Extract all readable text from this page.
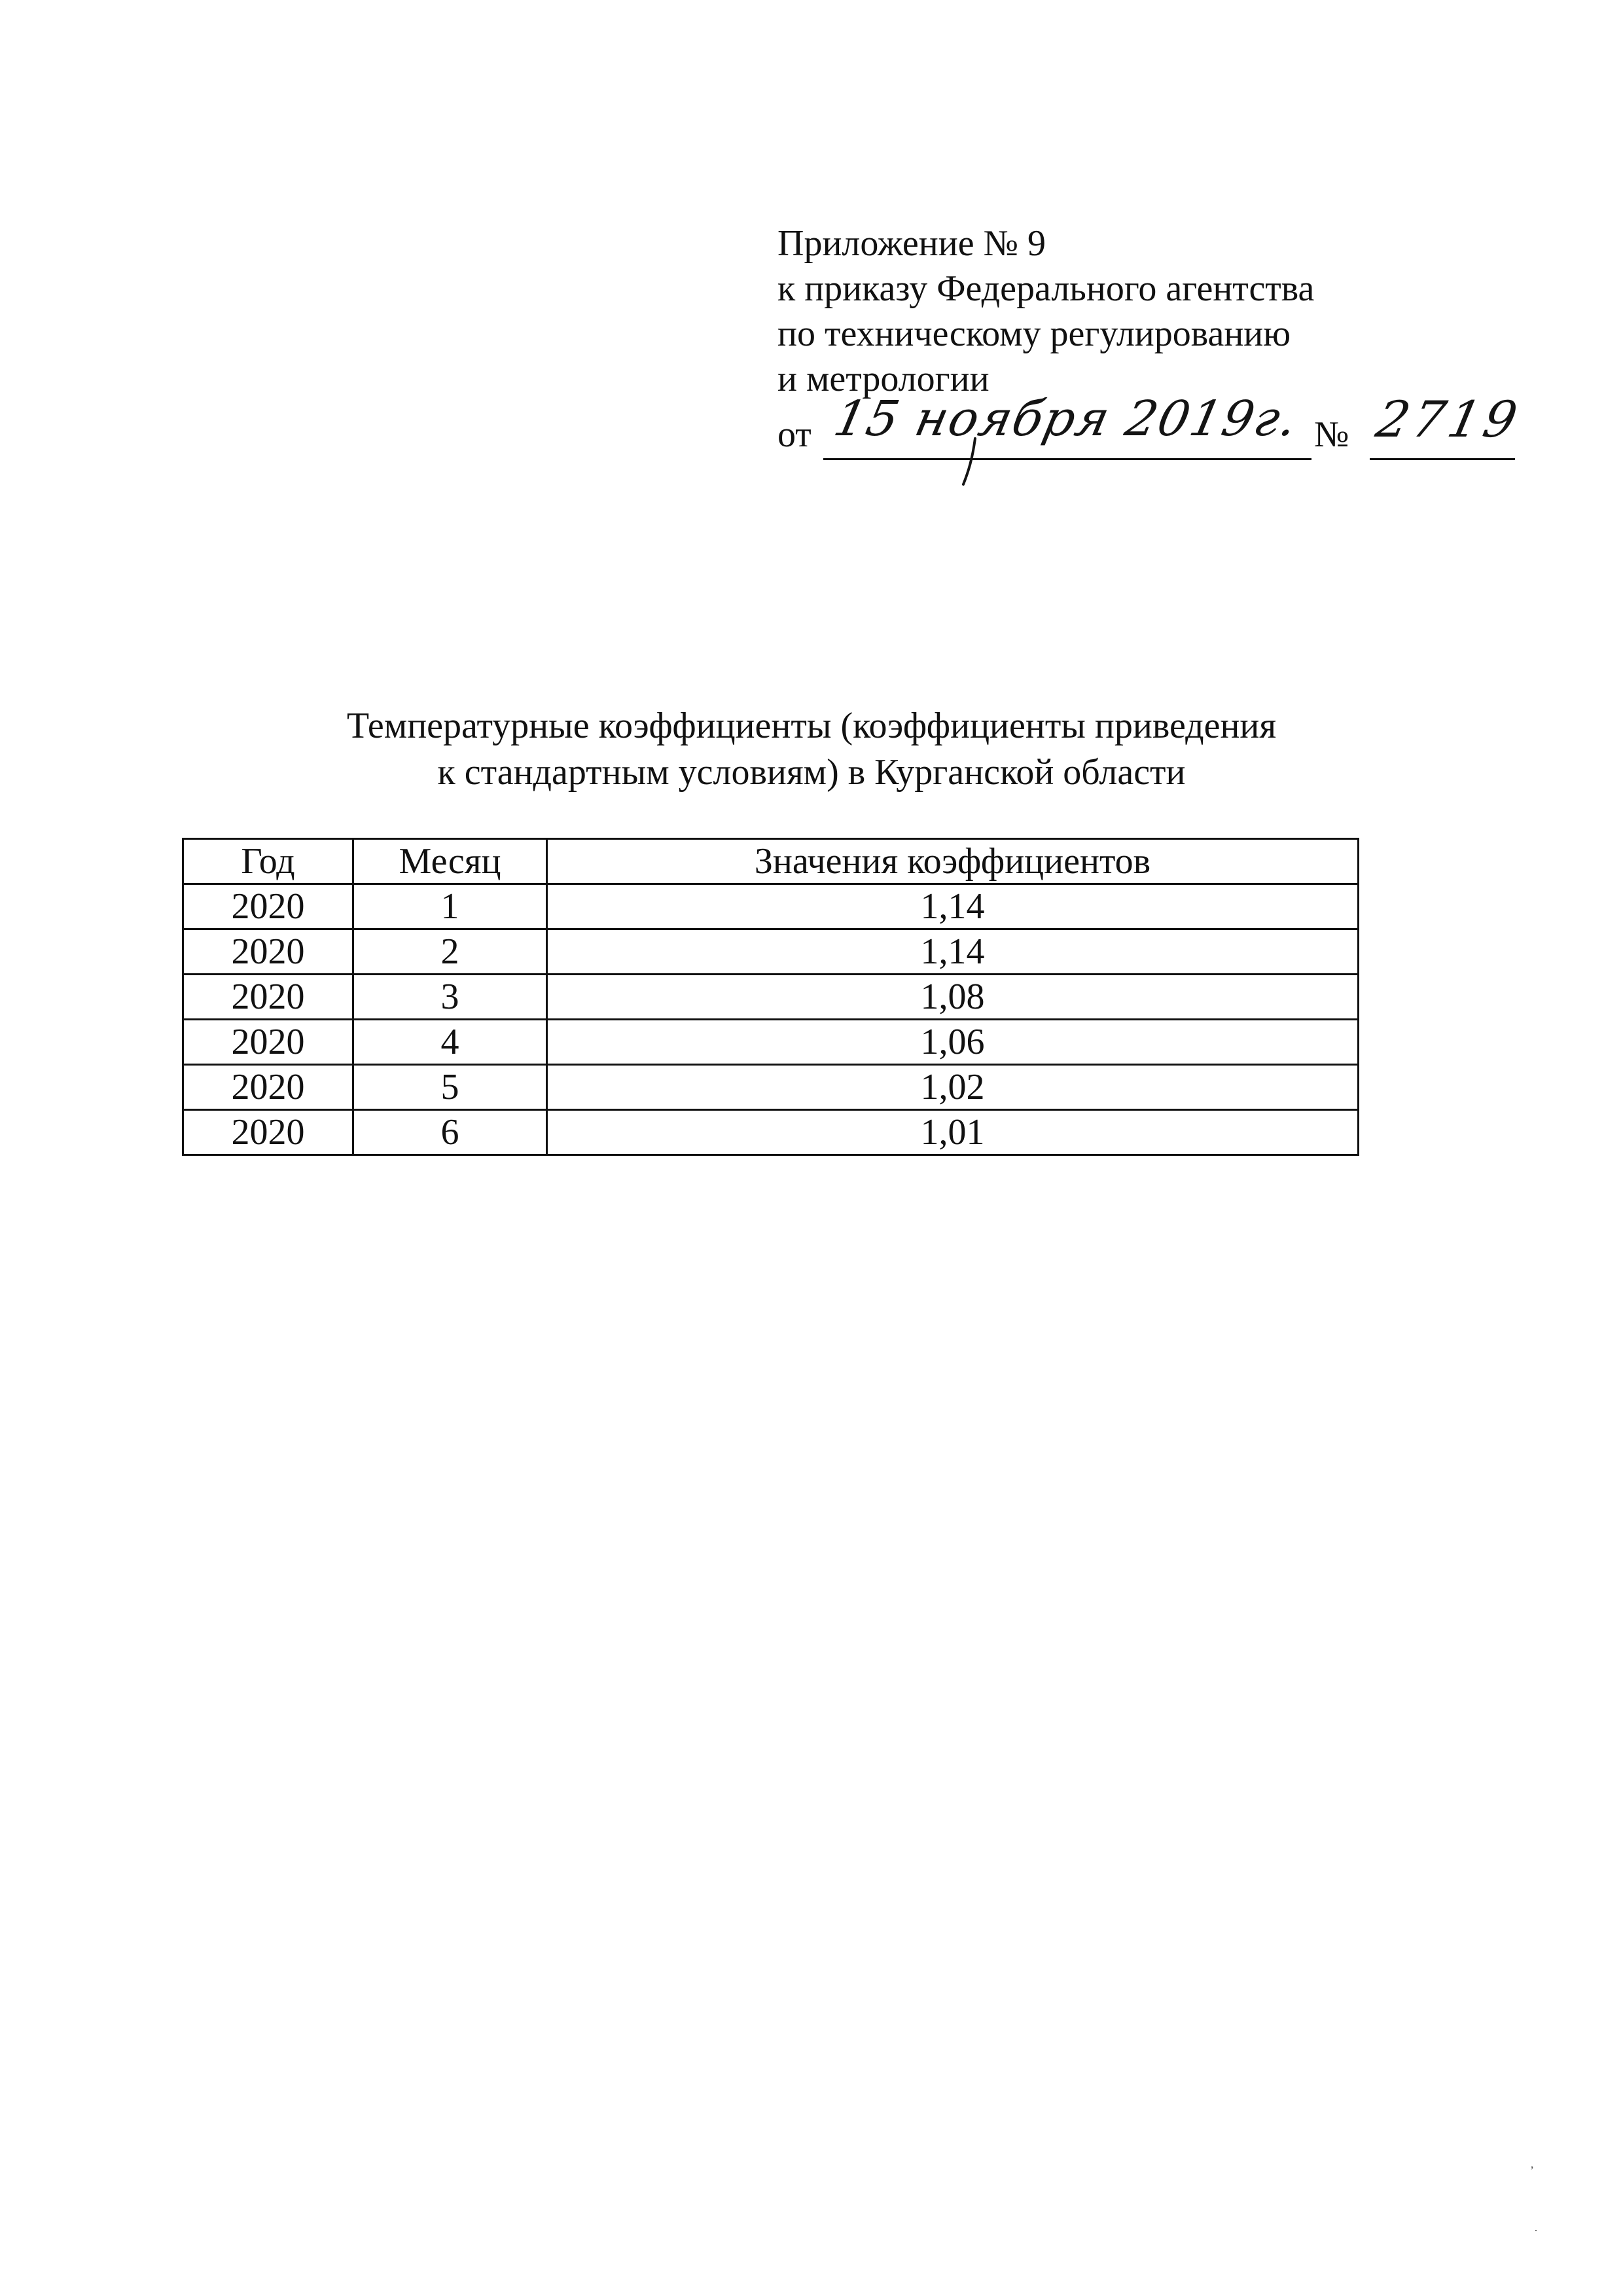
Приложение № 9
к приказу Федерального агентства
по техническому регулированию
и метрологии
от 15 ноября 2019г. № 2719
Температурные коэффициенты (коэффициенты приведения
к стандартным условиям) в Курганской области
Год	Месяц	Значения коэффициентов
2020	1	1,14
2020	2	1,14
2020	3	1,08
2020	4	1,06
2020	5	1,02
2020	6	1,01
’
·
